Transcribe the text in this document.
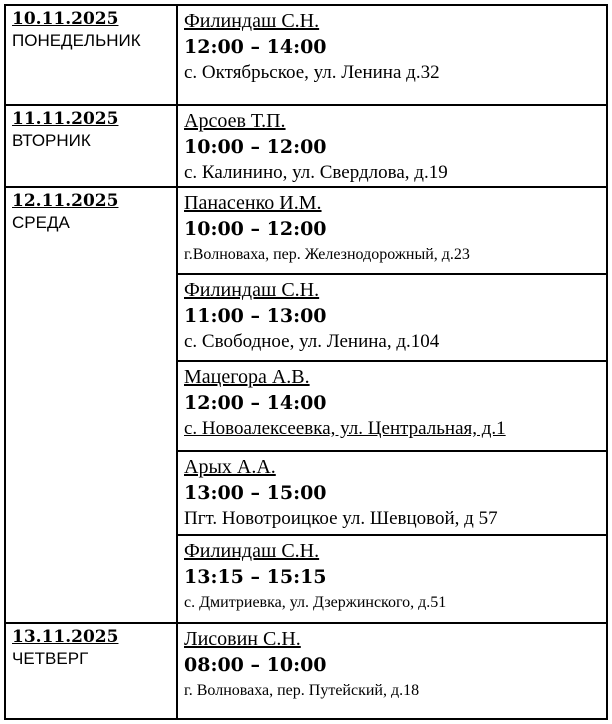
10.11.2025
ПОНЕДЕЛЬНИК	Филиндаш С.Н.
12:00 – 14:00
с. Октябрьское, ул. Ленина д.32

11.11.2025
ВТОРНИК	Арсоев Т.П.
10:00 – 12:00
с. Калинино, ул. Свердлова, д.19

12.11.2025
СРЕДА	Панасенко И.М.
10:00 – 12:00
г.Волноваха, пер. Железнодорожный, д.23

	Филиндаш С.Н.
11:00 – 13:00
с. Свободное, ул. Ленина, д.104

	Мацегора А.В.
12:00 – 14:00
с. Новоалексеевка, ул. Центральная, д.1

	Арых А.А.
13:00 – 15:00
Пгт. Новотроицкое ул. Шевцовой, д 57

	Филиндаш С.Н.
13:15 – 15:15
с. Дмитриевка, ул. Дзержинского, д.51

13.11.2025
ЧЕТВЕРГ	Лисовин С.Н.
08:00 – 10:00
г. Волноваха, пер. Путейский, д.18
